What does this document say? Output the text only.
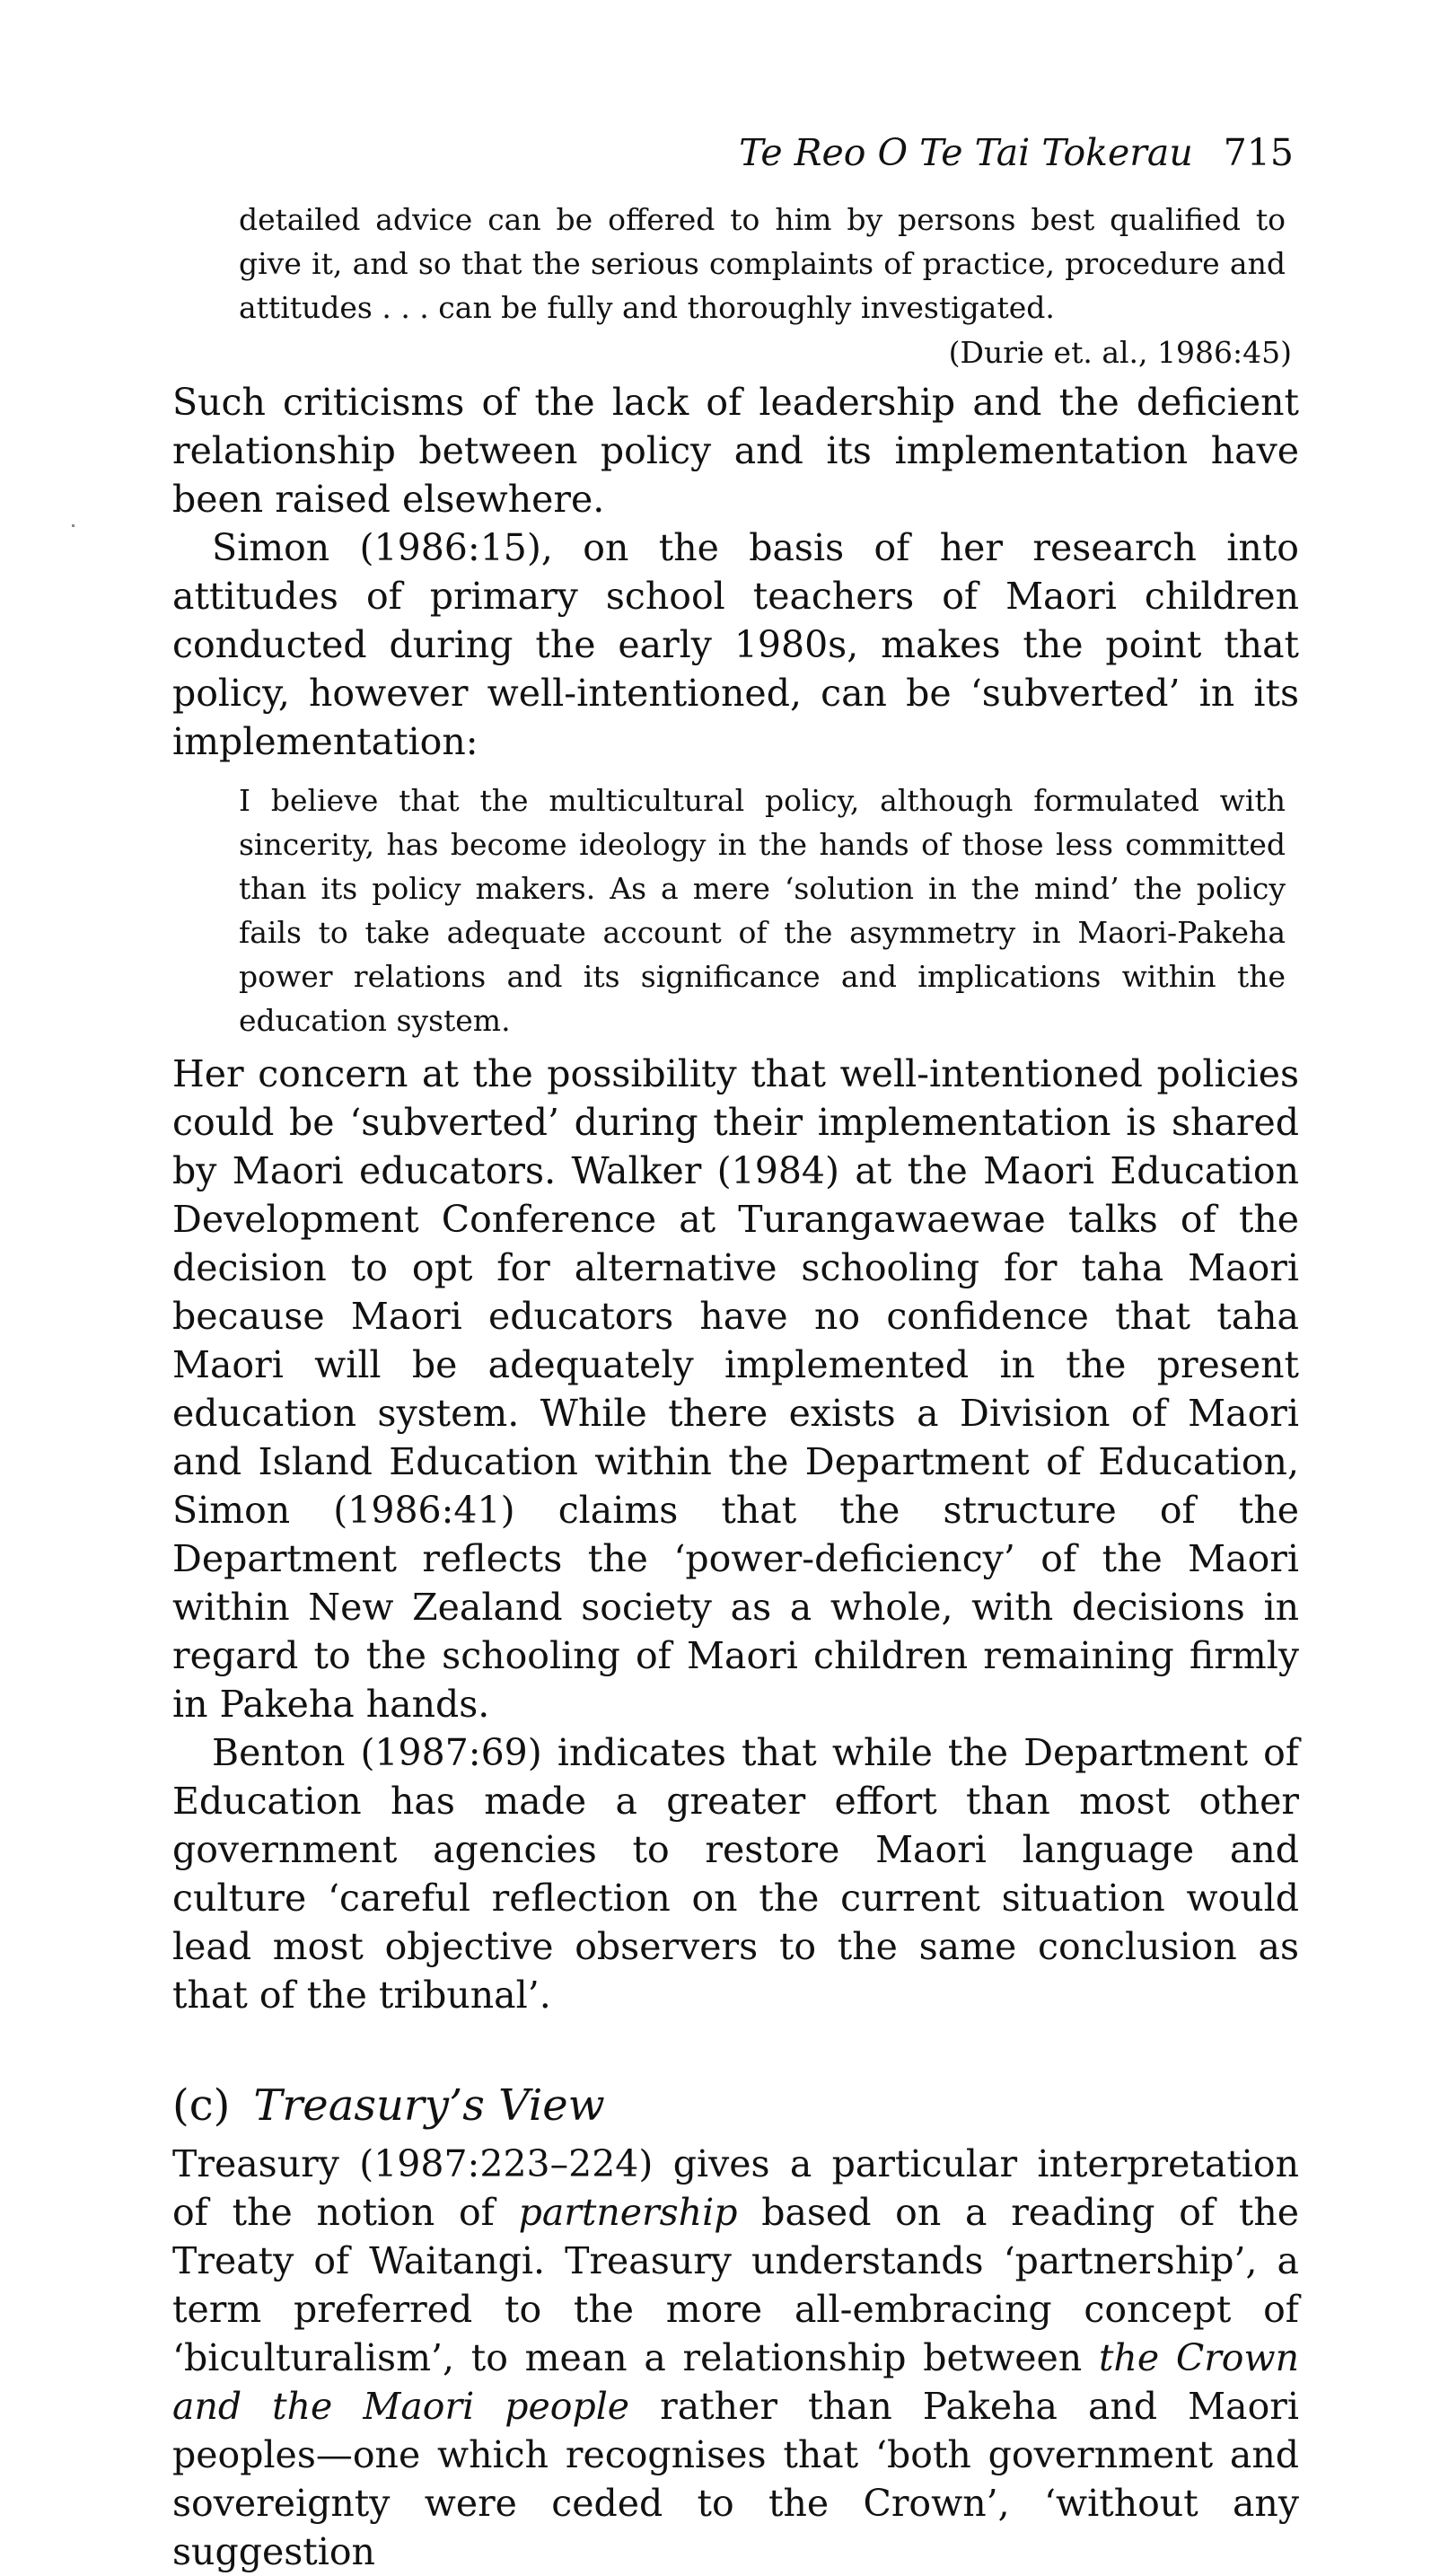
Te Reo O Te Tai Tokerau 715
detailed advice can be offered to him by persons best qualified to give it, and so that the serious complaints of practice, procedure and attitudes . . . can be fully and thoroughly investigated.
(Durie et. al., 1986:45)

Such criticisms of the lack of leadership and the deficient relationship between policy and its implementation have been raised elsewhere.

Simon (1986:15), on the basis of her research into attitudes of primary school teachers of Maori children conducted during the early 1980s, makes the point that policy, however well-intentioned, can be ‘subverted’ in its implementation:

I believe that the multicultural policy, although formulated with sincerity, has become ideology in the hands of those less committed than its policy makers. As a mere ‘solution in the mind’ the policy fails to take adequate account of the asymmetry in Maori-Pakeha power relations and its significance and implications within the education system.

Her concern at the possibility that well-intentioned policies could be ‘subverted’ during their implementation is shared by Maori educators. Walker (1984) at the Maori Education Development Conference at Turangawaewae talks of the decision to opt for alternative schooling for taha Maori because Maori educators have no confidence that taha Maori will be adequately implemented in the present education system. While there exists a Division of Maori and Island Education within the Department of Education, Simon (1986:41) claims that the structure of the Department reflects the ‘power-deficiency’ of the Maori within New Zealand society as a whole, with decisions in regard to the schooling of Maori children remaining firmly in Pakeha hands.

Benton (1987:69) indicates that while the Department of Education has made a greater effort than most other government agencies to restore Maori language and culture ‘careful reflection on the current situation would lead most objective observers to the same conclusion as that of the tribunal’.

(c) Treasury’s View

Treasury (1987:223–224) gives a particular interpretation of the notion of partnership based on a reading of the Treaty of Waitangi. Treasury understands ‘partnership’, a term preferred to the more all-embracing concept of ‘biculturalism’, to mean a relationship between the Crown and the Maori people rather than Pakeha and Maori peoples—one which recognises that ‘both government and sovereignty were ceded to the Crown’, ‘without any suggestion
